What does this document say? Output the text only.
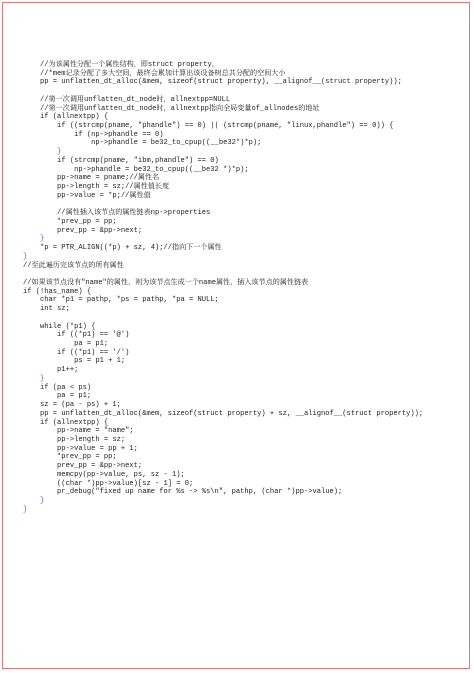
//为该属性分配一个属性结构，即struct property，
//*mem记录分配了多大空间，最终会累加计算出该设备树总共分配的空间大小
pp = unflatten_dt_alloc(&mem, sizeof(struct property), __alignof__(struct property));
//第一次调用unflatten_dt_node时，allnextpp=NULL
//第一次调用unflatten_dt_node时，allnextpp指向全局变量of_allnodes的地址
if (allnextpp) {
if ((strcmp(pname, "phandle") == 0) || (strcmp(pname, "linux,phandle") == 0)) {
if (np->phandle == 0)
np->phandle = be32_to_cpup((__be32*)*p);
}
if (strcmp(pname, "ibm,phandle") == 0)
np->phandle = be32_to_cpup((__be32 *)*p);
pp->name = pname;//属性名
pp->length = sz;//属性值长度
pp->value = *p;//属性值
//属性插入该节点的属性链表np->properties
*prev_pp = pp;
prev_pp = &pp->next;
}
*p = PTR_ALIGN((*p) + sz, 4);//指向下一个属性
}
//至此遍历完该节点的所有属性
//如果该节点没有"name"的属性，则为该节点生成一个name属性，插入该节点的属性链表
if (!has_name) {
char *p1 = pathp, *ps = pathp, *pa = NULL;
int sz;
while (*p1) {
if ((*p1) == '@')
pa = p1;
if ((*p1) == '/')
ps = p1 + 1;
p1++;
}
if (pa < ps)
pa = p1;
sz = (pa - ps) + 1;
pp = unflatten_dt_alloc(&mem, sizeof(struct property) + sz, __alignof__(struct property));
if (allnextpp) {
pp->name = "name";
pp->length = sz;
pp->value = pp + 1;
*prev_pp = pp;
prev_pp = &pp->next;
memcpy(pp->value, ps, sz - 1);
((char *)pp->value)[sz - 1] = 0;
pr_debug("fixed up name for %s -> %s\n", pathp, (char *)pp->value);
}
}
